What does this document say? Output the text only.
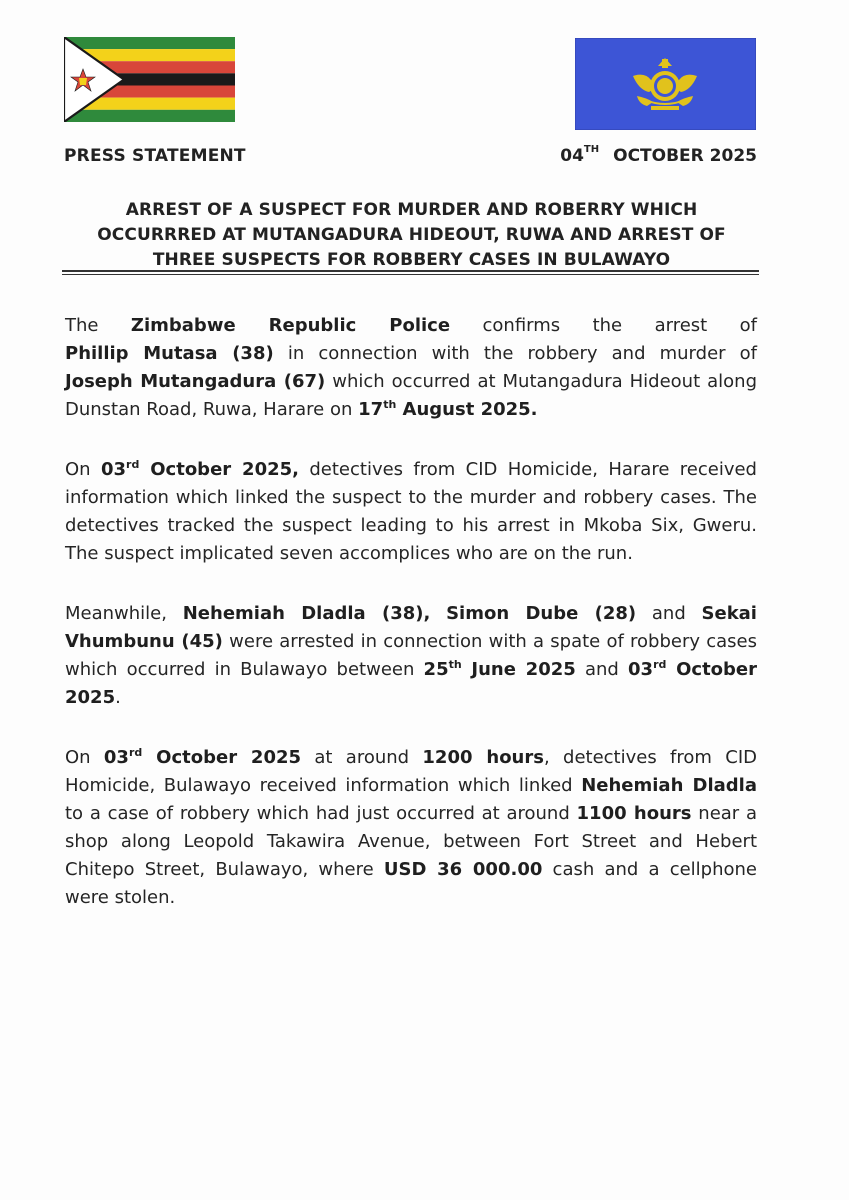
PRESS STATEMENT	04TH OCTOBER 2025
ARREST OF A SUSPECT FOR MURDER AND ROBERRY WHICH
OCCURRRED AT MUTANGADURA HIDEOUT, RUWA AND ARREST OF
THREE SUSPECTS FOR ROBBERY CASES IN BULAWAYO

The Zimbabwe Republic Police confirms the arrest of Phillip Mutasa (38) in connection with the robbery and murder of Joseph Mutangadura (67) which occurred at Mutangadura Hideout along Dunstan Road, Ruwa, Harare on 17th August 2025.

On 03rd October 2025, detectives from CID Homicide, Harare received information which linked the suspect to the murder and robbery cases. The detectives tracked the suspect leading to his arrest in Mkoba Six, Gweru. The suspect implicated seven accomplices who are on the run.

Meanwhile, Nehemiah Dladla (38), Simon Dube (28) and Sekai Vhumbunu (45) were arrested in connection with a spate of robbery cases which occurred in Bulawayo between 25th June 2025 and 03rd October 2025.

On 03rd October 2025 at around 1200 hours, detectives from CID Homicide, Bulawayo received information which linked Nehemiah Dladla to a case of robbery which had just occurred at around 1100 hours near a shop along Leopold Takawira Avenue, between Fort Street and Hebert Chitepo Street, Bulawayo, where USD 36 000.00 cash and a cellphone were stolen.
